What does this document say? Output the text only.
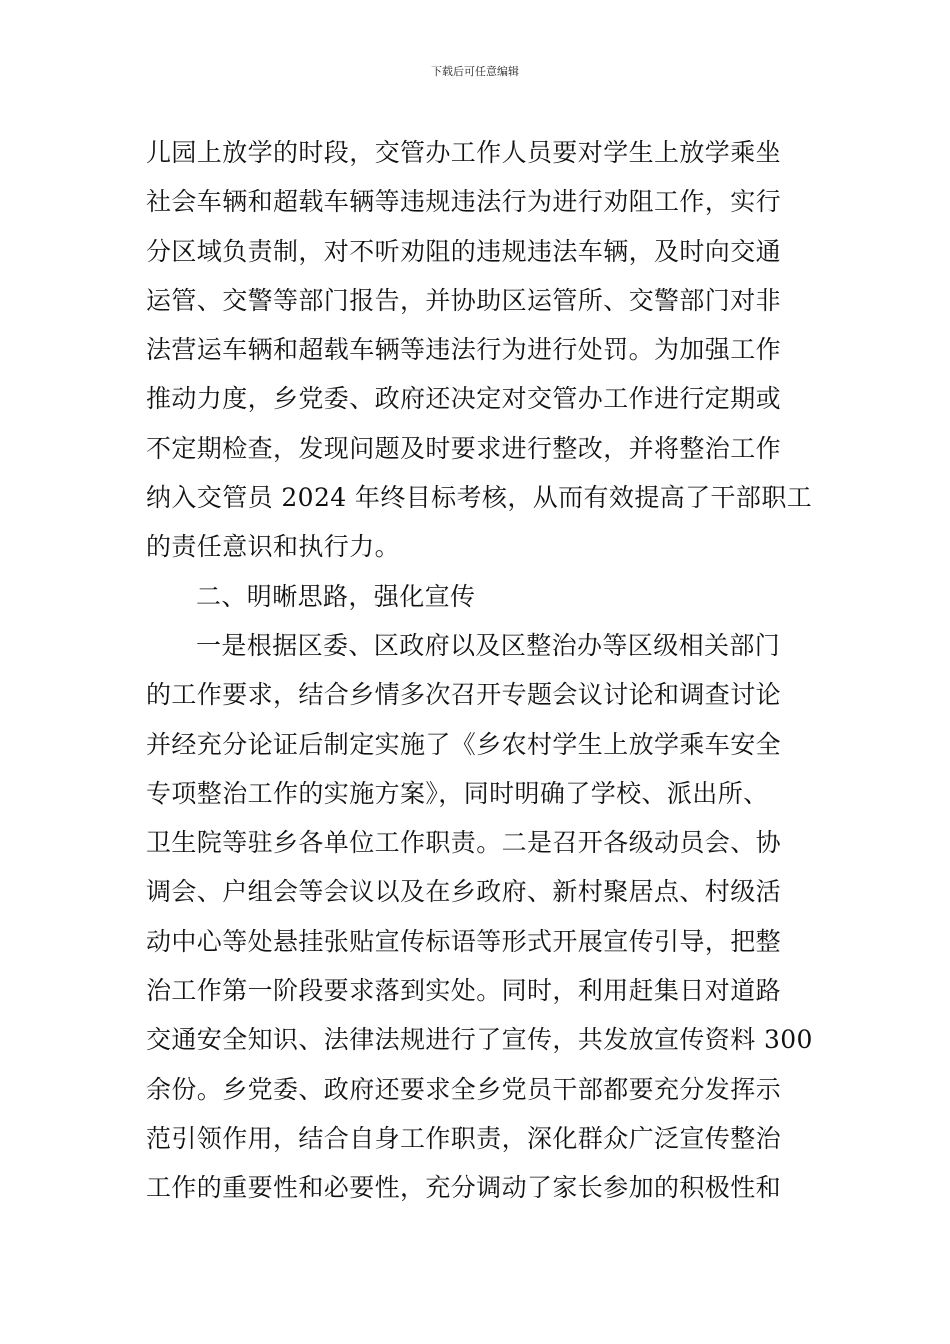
下载后可任意编辑
儿园上放学的时段，交管办工作人员要对学生上放学乘坐
社会车辆和超载车辆等违规违法行为进行劝阻工作，实行
分区域负责制，对不听劝阻的违规违法车辆，及时向交通
运管、交警等部门报告，并协助区运管所、交警部门对非
法营运车辆和超载车辆等违法行为进行处罚。为加强工作
推动力度，乡党委、政府还决定对交管办工作进行定期或
不定期检查，发现问题及时要求进行整改，并将整治工作
纳入交管员 2024 年终目标考核，从而有效提高了干部职工
的责任意识和执行力。
二、明晰思路，强化宣传
一是根据区委、区政府以及区整治办等区级相关部门
的工作要求，结合乡情多次召开专题会议讨论和调查讨论
并经充分论证后制定实施了《乡农村学生上放学乘车安全
专项整治工作的实施方案》，同时明确了学校、派出所、
卫生院等驻乡各单位工作职责。二是召开各级动员会、协
调会、户组会等会议以及在乡政府、新村聚居点、村级活
动中心等处悬挂张贴宣传标语等形式开展宣传引导，把整
治工作第一阶段要求落到实处。同时，利用赶集日对道路
交通安全知识、法律法规进行了宣传，共发放宣传资料 300
余份。乡党委、政府还要求全乡党员干部都要充分发挥示
范引领作用，结合自身工作职责，深化群众广泛宣传整治
工作的重要性和必要性，充分调动了家长参加的积极性和
